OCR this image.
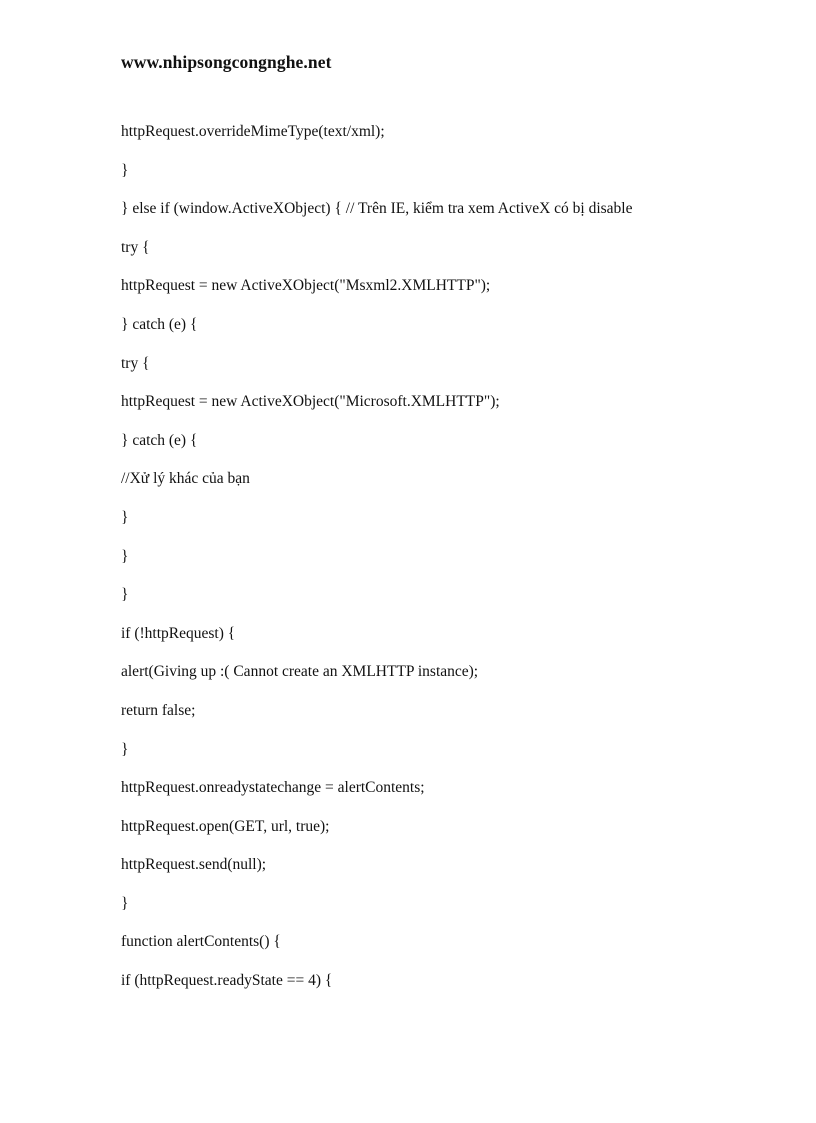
www.nhipsongcongnghe.net
httpRequest.overrideMimeType(text/xml);
}
} else if (window.ActiveXObject) { // Trên IE, kiểm tra xem ActiveX có bị disable
try {
httpRequest = new ActiveXObject("Msxml2.XMLHTTP");
} catch (e) {
try {
httpRequest = new ActiveXObject("Microsoft.XMLHTTP");
} catch (e) {
//Xử lý khác của bạn
}
}
}
if (!httpRequest) {
alert(Giving up :( Cannot create an XMLHTTP instance);
return false;
}
httpRequest.onreadystatechange = alertContents;
httpRequest.open(GET, url, true);
httpRequest.send(null);
}
function alertContents() {
if (httpRequest.readyState == 4) {
